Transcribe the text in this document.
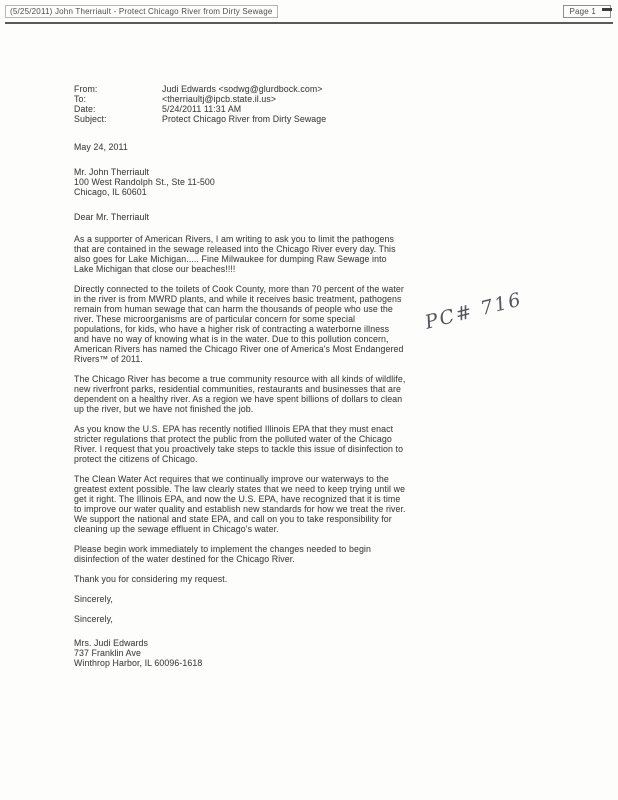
(5/25/2011) John Therriault - Protect Chicago River from Dirty Sewage	Page 1
From:	Judi Edwards <sodwg@glurdbock.com>
To:	<therriaultj@ipcb.state.il.us>
Date:	5/24/2011 11:31 AM
Subject:	Protect Chicago River from Dirty Sewage
May 24, 2011
Mr. John Therriault
100 West Randolph St., Ste 11-500
Chicago, IL 60601
Dear Mr. Therriault

As a supporter of American Rivers, I am writing to ask you to limit the pathogens that are contained in the sewage released into the Chicago River every day. This also goes for Lake Michigan..... Fine Milwaukee for dumping Raw Sewage into Lake Michigan that close our beaches!!!!

Directly connected to the toilets of Cook County, more than 70 percent of the water in the river is from MWRD plants, and while it receives basic treatment, pathogens remain from human sewage that can harm the thousands of people who use the river. These microorganisms are of particular concern for some special populations, for kids, who have a higher risk of contracting a waterborne illness and have no way of knowing what is in the water. Due to this pollution concern, American Rivers has named the Chicago River one of America's Most Endangered Rivers™ of 2011.

The Chicago River has become a true community resource with all kinds of wildlife, new riverfront parks, residential communities, restaurants and businesses that are dependent on a healthy river. As a region we have spent billions of dollars to clean up the river, but we have not finished the job.

As you know the U.S. EPA has recently notified Illinois EPA that they must enact stricter regulations that protect the public from the polluted water of the Chicago River. I request that you proactively take steps to tackle this issue of disinfection to protect the citizens of Chicago.

The Clean Water Act requires that we continually improve our waterways to the greatest extent possible. The law clearly states that we need to keep trying until we get it right. The Illinois EPA, and now the U.S. EPA, have recognized that it is time to improve our water quality and establish new standards for how we treat the river. We support the national and state EPA, and call on you to take responsibility for cleaning up the sewage effluent in Chicago's water.

Please begin work immediately to implement the changes needed to begin disinfection of the water destined for the Chicago River.

Thank you for considering my request.

Sincerely,
Sincerely,
Mrs. Judi Edwards
737 Franklin Ave
Winthrop Harbor, IL 60096-1618
PC# 716
